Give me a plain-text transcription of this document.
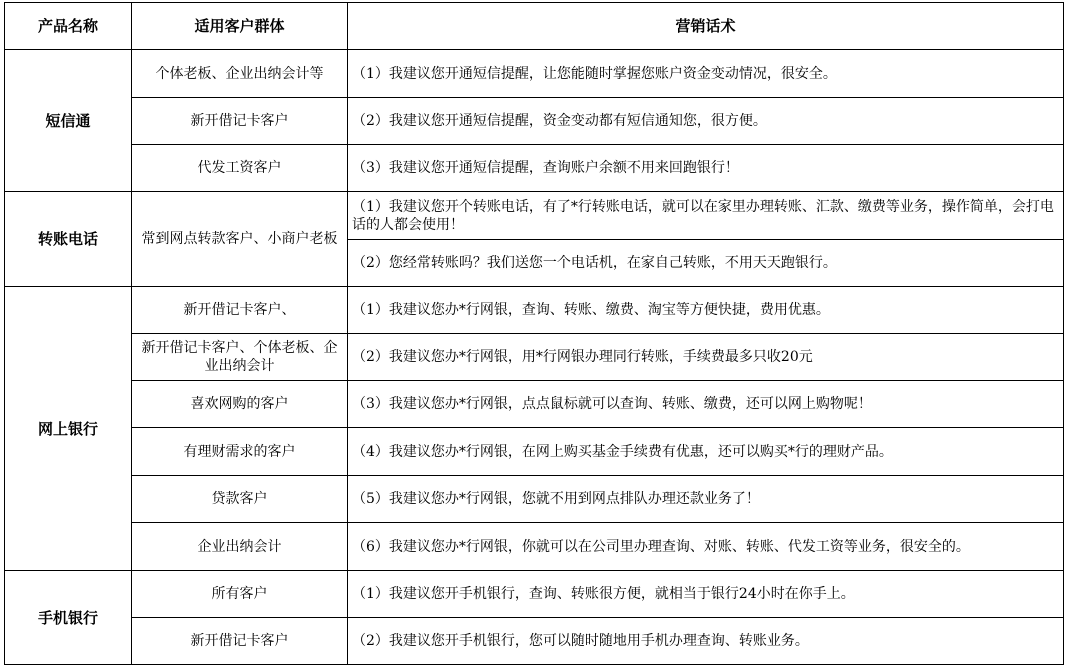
产品名称	适用客户群体	营销话术
短信通	个体老板、企业出纳会计等	（1）我建议您开通短信提醒，让您能随时掌握您账户资金变动情况，很安全。
	新开借记卡客户	（2）我建议您开通短信提醒，资金变动都有短信通知您，很方便。
	代发工资客户	（3）我建议您开通短信提醒，查询账户余额不用来回跑银行！
转账电话	常到网点转款客户、小商户老板	（1）我建议您开个转账电话，有了*行转账电话，就可以在家里办理转账、汇款、缴费等业务，操作简单，会打电话的人都会使用！
		（2）您经常转账吗？我们送您一个电话机，在家自己转账，不用天天跑银行。
网上银行	新开借记卡客户、	（1）我建议您办*行网银，查询、转账、缴费、淘宝等方便快捷，费用优惠。
	新开借记卡客户、个体老板、企业出纳会计	（2）我建议您办*行网银，用*行网银办理同行转账，手续费最多只收20元
	喜欢网购的客户	（3）我建议您办*行网银，点点鼠标就可以查询、转账、缴费，还可以网上购物呢！
	有理财需求的客户	（4）我建议您办*行网银，在网上购买基金手续费有优惠，还可以购买*行的理财产品。
	贷款客户	（5）我建议您办*行网银，您就不用到网点排队办理还款业务了！
	企业出纳会计	（6）我建议您办*行网银，你就可以在公司里办理查询、对账、转账、代发工资等业务，很安全的。
手机银行	所有客户	（1）我建议您开手机银行，查询、转账很方便，就相当于银行24小时在你手上。
	新开借记卡客户	（2）我建议您开手机银行，您可以随时随地用手机办理查询、转账业务。
